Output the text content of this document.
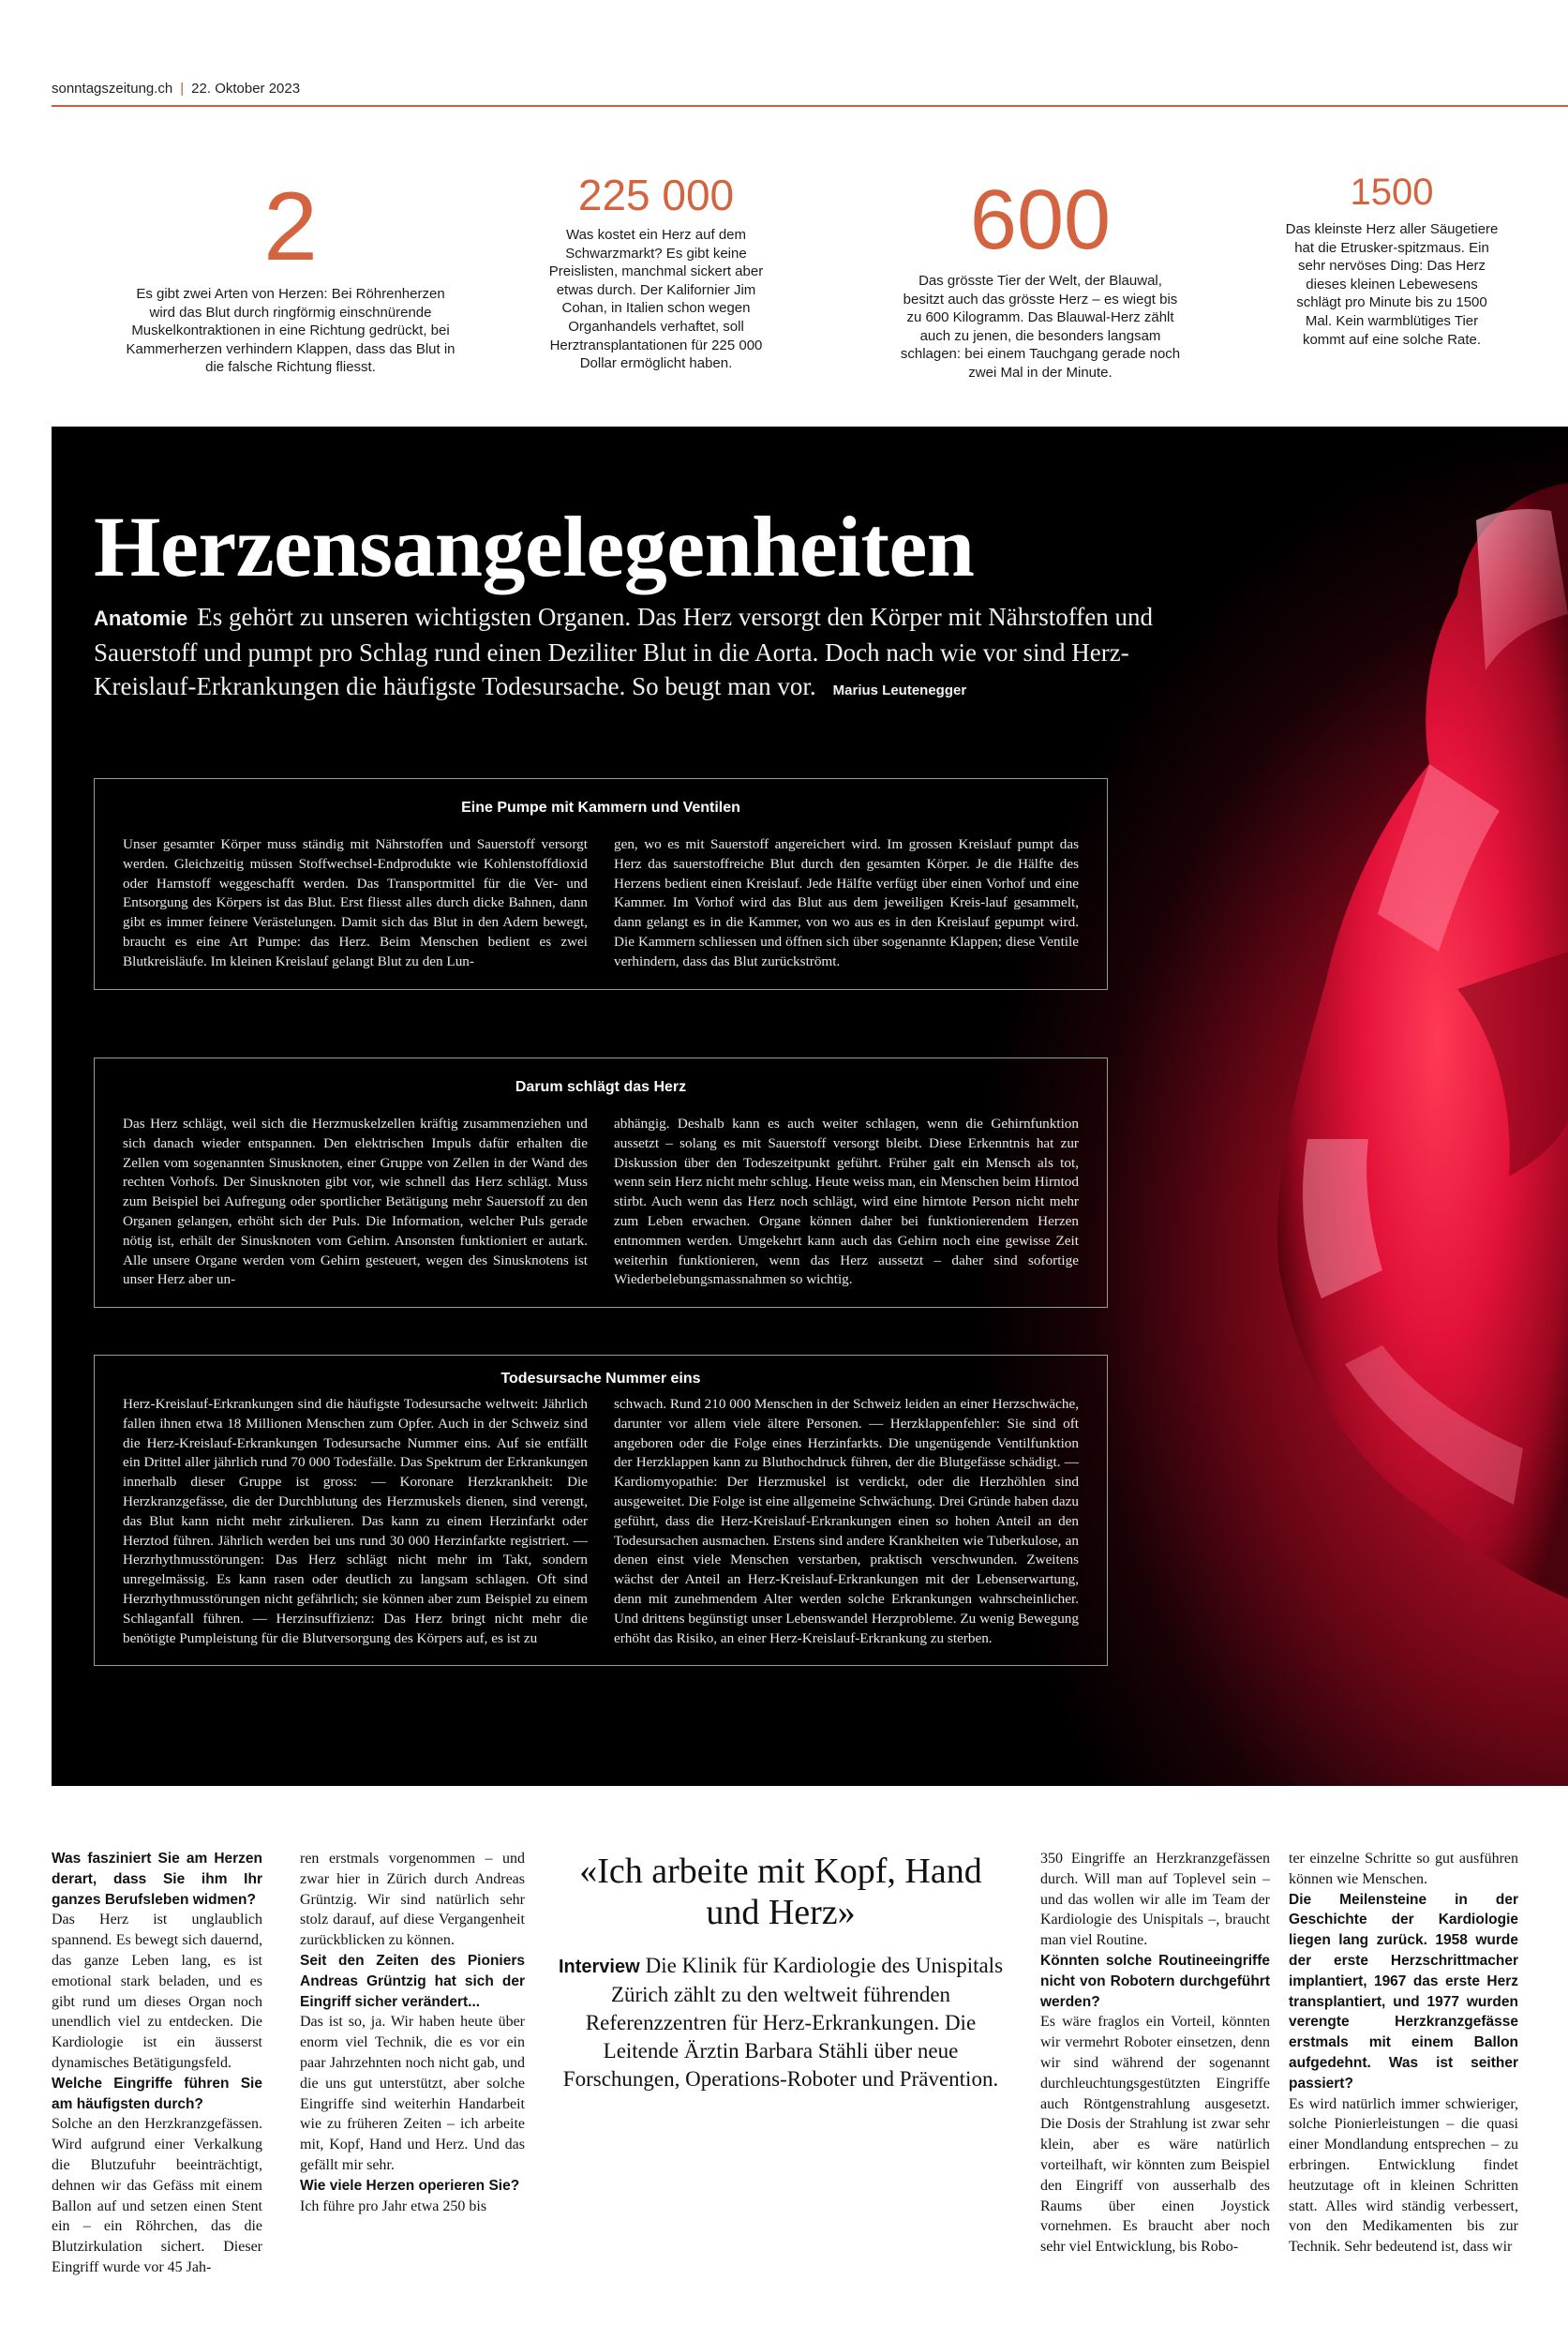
sonntagszeitung.ch | 22. Oktober 2023
2
Es gibt zwei Arten von Herzen: Bei Röhrenherzen wird das Blut durch ringförmig einschnürende Muskelkontraktionen in eine Richtung gedrückt, bei Kammerherzen verhindern Klappen, dass das Blut in die falsche Richtung fliesst.
225 000
Was kostet ein Herz auf dem Schwarzmarkt? Es gibt keine Preislisten, manchmal sickert aber etwas durch. Der Kalifornier Jim Cohan, in Italien schon wegen Organhandels verhaftet, soll Herztransplantationen für 225 000 Dollar ermöglicht haben.
600
Das grösste Tier der Welt, der Blauwal, besitzt auch das grösste Herz – es wiegt bis zu 600 Kilogramm. Das Blauwal-Herz zählt auch zu jenen, die besonders langsam schlagen: bei einem Tauchgang gerade noch zwei Mal in der Minute.
1500
Das kleinste Herz aller Säugetiere hat die Etrusker-spitzmaus. Ein sehr nervöses Ding: Das Herz dieses kleinen Lebewesens schlägt pro Minute bis zu 1500 Mal. Kein warmblütiges Tier kommt auf eine solche Rate.
Herzensangelegenheiten
Anatomie Es gehört zu unseren wichtigsten Organen. Das Herz versorgt den Körper mit Nährstoffen und Sauerstoff und pumpt pro Schlag rund einen Deziliter Blut in die Aorta. Doch nach wie vor sind Herz-Kreislauf-Erkrankungen die häufigste Todesursache. So beugt man vor. Marius Leutenegger
Eine Pumpe mit Kammern und Ventilen

Unser gesamter Körper muss ständig mit Nährstoffen und Sauerstoff versorgt werden. Gleichzeitig müssen Stoffwechsel-Endprodukte wie Kohlenstoffdioxid oder Harnstoff weggeschafft werden. Das Transportmittel für die Ver- und Entsorgung des Körpers ist das Blut. Erst fliesst alles durch dicke Bahnen, dann gibt es immer feinere Verästelungen. Damit sich das Blut in den Adern bewegt, braucht es eine Art Pumpe: das Herz. Beim Menschen bedient es zwei Blutkreisläufe. Im kleinen Kreislauf gelangt Blut zu den Lun-

gen, wo es mit Sauerstoff angereichert wird. Im grossen Kreislauf pumpt das Herz das sauerstoffreiche Blut durch den gesamten Körper. Je die Hälfte des Herzens bedient einen Kreislauf. Jede Hälfte verfügt über einen Vorhof und eine Kammer. Im Vorhof wird das Blut aus dem jeweiligen Kreis-lauf gesammelt, dann gelangt es in die Kammer, von wo aus es in den Kreislauf gepumpt wird. Die Kammern schliessen und öffnen sich über sogenannte Klappen; diese Ventile verhindern, dass das Blut zurückströmt.

Darum schlägt das Herz

Das Herz schlägt, weil sich die Herzmuskelzellen kräftig zusammenziehen und sich danach wieder entspannen. Den elektrischen Impuls dafür erhalten die Zellen vom sogenannten Sinusknoten, einer Gruppe von Zellen in der Wand des rechten Vorhofs. Der Sinusknoten gibt vor, wie schnell das Herz schlägt. Muss zum Beispiel bei Aufregung oder sportlicher Betätigung mehr Sauerstoff zu den Organen gelangen, erhöht sich der Puls. Die Information, welcher Puls gerade nötig ist, erhält der Sinusknoten vom Gehirn. Ansonsten funktioniert er autark. Alle unsere Organe werden vom Gehirn gesteuert, wegen des Sinusknotens ist unser Herz aber un-

abhängig. Deshalb kann es auch weiter schlagen, wenn die Gehirnfunktion aussetzt – solang es mit Sauerstoff versorgt bleibt. Diese Erkenntnis hat zur Diskussion über den Todeszeitpunkt geführt. Früher galt ein Mensch als tot, wenn sein Herz nicht mehr schlug. Heute weiss man, ein Menschen beim Hirntod stirbt. Auch wenn das Herz noch schlägt, wird eine hirntote Person nicht mehr zum Leben erwachen. Organe können daher bei funktionierendem Herzen entnommen werden. Umgekehrt kann auch das Gehirn noch eine gewisse Zeit weiterhin funktionieren, wenn das Herz aussetzt – daher sind sofortige Wiederbelebungsmassnahmen so wichtig.

Todesursache Nummer eins

Herz-Kreislauf-Erkrankungen sind die häufigste Todesursache weltweit: Jährlich fallen ihnen etwa 18 Millionen Menschen zum Opfer. Auch in der Schweiz sind die Herz-Kreislauf-Erkrankungen Todesursache Nummer eins. Auf sie entfällt ein Drittel aller jährlich rund 70 000 Todesfälle. Das Spektrum der Erkrankungen innerhalb dieser Gruppe ist gross: — Koronare Herzkrankheit: Die Herzkranzgefässe, die der Durchblutung des Herzmuskels dienen, sind verengt, das Blut kann nicht mehr zirkulieren. Das kann zu einem Herzinfarkt oder Herztod führen. Jährlich werden bei uns rund 30 000 Herzinfarkte registriert. — Herzrhythmusstörungen: Das Herz schlägt nicht mehr im Takt, sondern unregelmässig. Es kann rasen oder deutlich zu langsam schlagen. Oft sind Herzrhythmusstörungen nicht gefährlich; sie können aber zum Beispiel zu einem Schlaganfall führen. — Herzinsuffizienz: Das Herz bringt nicht mehr die benötigte Pumpleistung für die Blutversorgung des Körpers auf, es ist zu

schwach. Rund 210 000 Menschen in der Schweiz leiden an einer Herzschwäche, darunter vor allem viele ältere Personen. — Herzklappenfehler: Sie sind oft angeboren oder die Folge eines Herzinfarkts. Die ungenügende Ventilfunktion der Herzklappen kann zu Bluthochdruck führen, der die Blutgefässe schädigt. — Kardiomyopathie: Der Herzmuskel ist verdickt, oder die Herzhöhlen sind ausgeweitet. Die Folge ist eine allgemeine Schwächung. Drei Gründe haben dazu geführt, dass die Herz-Kreislauf-Erkrankungen einen so hohen Anteil an den Todesursachen ausmachen. Erstens sind andere Krankheiten wie Tuberkulose, an denen einst viele Menschen verstarben, praktisch verschwunden. Zweitens wächst der Anteil an Herz-Kreislauf-Erkrankungen mit der Lebenserwartung, denn mit zunehmendem Alter werden solche Erkrankungen wahrscheinlicher. Und drittens begünstigt unser Lebenswandel Herzprobleme. Zu wenig Bewegung erhöht das Risiko, an einer Herz-Kreislauf-Erkrankung zu sterben.

Was fasziniert Sie am Herzen derart, dass Sie ihm Ihr ganzes Berufsleben widmen?
Das Herz ist unglaublich spannend. Es bewegt sich dauernd, das ganze Leben lang, es ist emotional stark beladen, und es gibt rund um dieses Organ noch unendlich viel zu entdecken. Die Kardiologie ist ein äusserst dynamisches Betätigungsfeld.
Welche Eingriffe führen Sie am häufigsten durch?
Solche an den Herzkranzgefässen. Wird aufgrund einer Verkalkung die Blutzufuhr beeinträchtigt, dehnen wir das Gefäss mit einem Ballon auf und setzen einen Stent ein – ein Röhrchen, das die Blutzirkulation sichert. Dieser Eingriff wurde vor 45 Jah-

ren erstmals vorgenommen – und zwar hier in Zürich durch Andreas Grüntzig. Wir sind natürlich sehr stolz darauf, auf diese Vergangenheit zurückblicken zu können.
Seit den Zeiten des Pioniers Andreas Grüntzig hat sich der Eingriff sicher verändert...
Das ist so, ja. Wir haben heute über enorm viel Technik, die es vor ein paar Jahrzehnten noch nicht gab, und die uns gut unterstützt, aber solche Eingriffe sind weiterhin Handarbeit wie zu früheren Zeiten – ich arbeite mit, Kopf, Hand und Herz. Und das gefällt mir sehr.
Wie viele Herzen operieren Sie?
Ich führe pro Jahr etwa 250 bis

«Ich arbeite mit Kopf, Hand und Herz»
Interview Die Klinik für Kardiologie des Unispitals Zürich zählt zu den weltweit führenden Referenzzentren für Herz-Erkrankungen. Die Leitende Ärztin Barbara Stähli über neue Forschungen, Operations-Roboter und Prävention.

350 Eingriffe an Herzkranzgefässen durch. Will man auf Toplevel sein – und das wollen wir alle im Team der Kardiologie des Unispitals –, braucht man viel Routine.
Könnten solche Routineeingriffe nicht von Robotern durchgeführt werden?
Es wäre fraglos ein Vorteil, könnten wir vermehrt Roboter einsetzen, denn wir sind während der sogenannt durchleuchtungsgestützten Eingriffe auch Röntgenstrahlung ausgesetzt. Die Dosis der Strahlung ist zwar sehr klein, aber es wäre natürlich vorteilhaft, wir könnten zum Beispiel den Eingriff von ausserhalb des Raums über einen Joystick vornehmen. Es braucht aber noch sehr viel Entwicklung, bis Robo-

ter einzelne Schritte so gut ausführen können wie Menschen.
Die Meilensteine in der Geschichte der Kardiologie liegen lang zurück. 1958 wurde der erste Herzschrittmacher implantiert, 1967 das erste Herz transplantiert, und 1977 wurden verengte Herzkranzgefässe erstmals mit einem Ballon aufgedehnt. Was ist seither passiert?
Es wird natürlich immer schwieriger, solche Pionierleistungen – die quasi einer Mondlandung entsprechen – zu erbringen. Entwicklung findet heutzutage oft in kleinen Schritten statt. Alles wird ständig verbessert, von den Medikamenten bis zur Technik. Sehr bedeutend ist, dass wir
